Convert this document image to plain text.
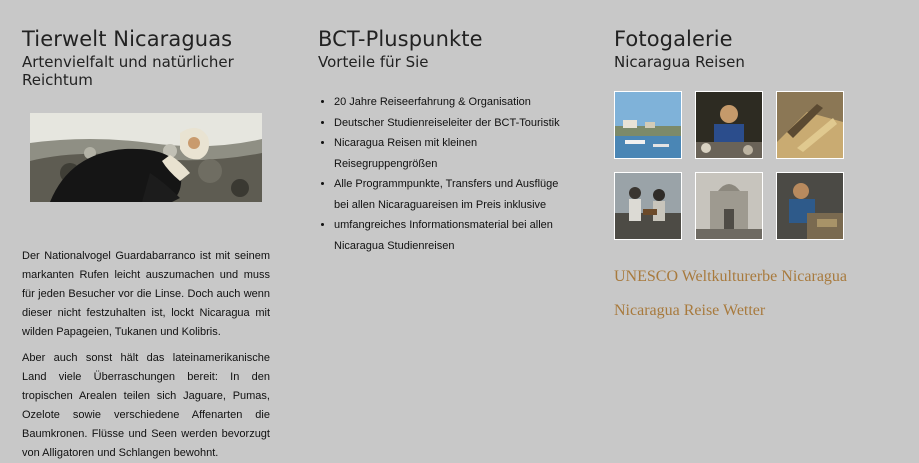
Tierwelt Nicaraguas
Artenvielfalt und natürlicher Reichtum

Der Nationalvogel Guardabarranco ist mit seinem markanten Rufen leicht auszumachen und muss für jeden Besucher vor die Linse. Doch auch wenn dieser nicht festzuhalten ist, lockt Nicaragua mit wilden Papageien, Tukanen und Kolibris.

Aber auch sonst hält das lateinamerikanische Land viele Überraschungen bereit: In den tropischen Arealen teilen sich Jaguare, Pumas, Ozelote sowie verschiedene Affenarten die Baumkronen. Flüsse und Seen werden bevorzugt von Alligatoren und Schlangen bewohnt.

BCT-Pluspunkte
Vorteile für Sie
• 20 Jahre Reiseerfahrung & Organisation
• Deutscher Studienreiseleiter der BCT-Touristik
• Nicaragua Reisen mit kleinen Reisegruppengrößen
• Alle Programmpunkte, Transfers und Ausflüge bei allen Nicaraguareisen im Preis inklusive
• umfangreiches Informationsmaterial bei allen Nicaragua Studienreisen
Fotogalerie
Nicaragua Reisen
UNESCO Weltkulturerbe Nicaragua
Nicaragua Reise Wetter
